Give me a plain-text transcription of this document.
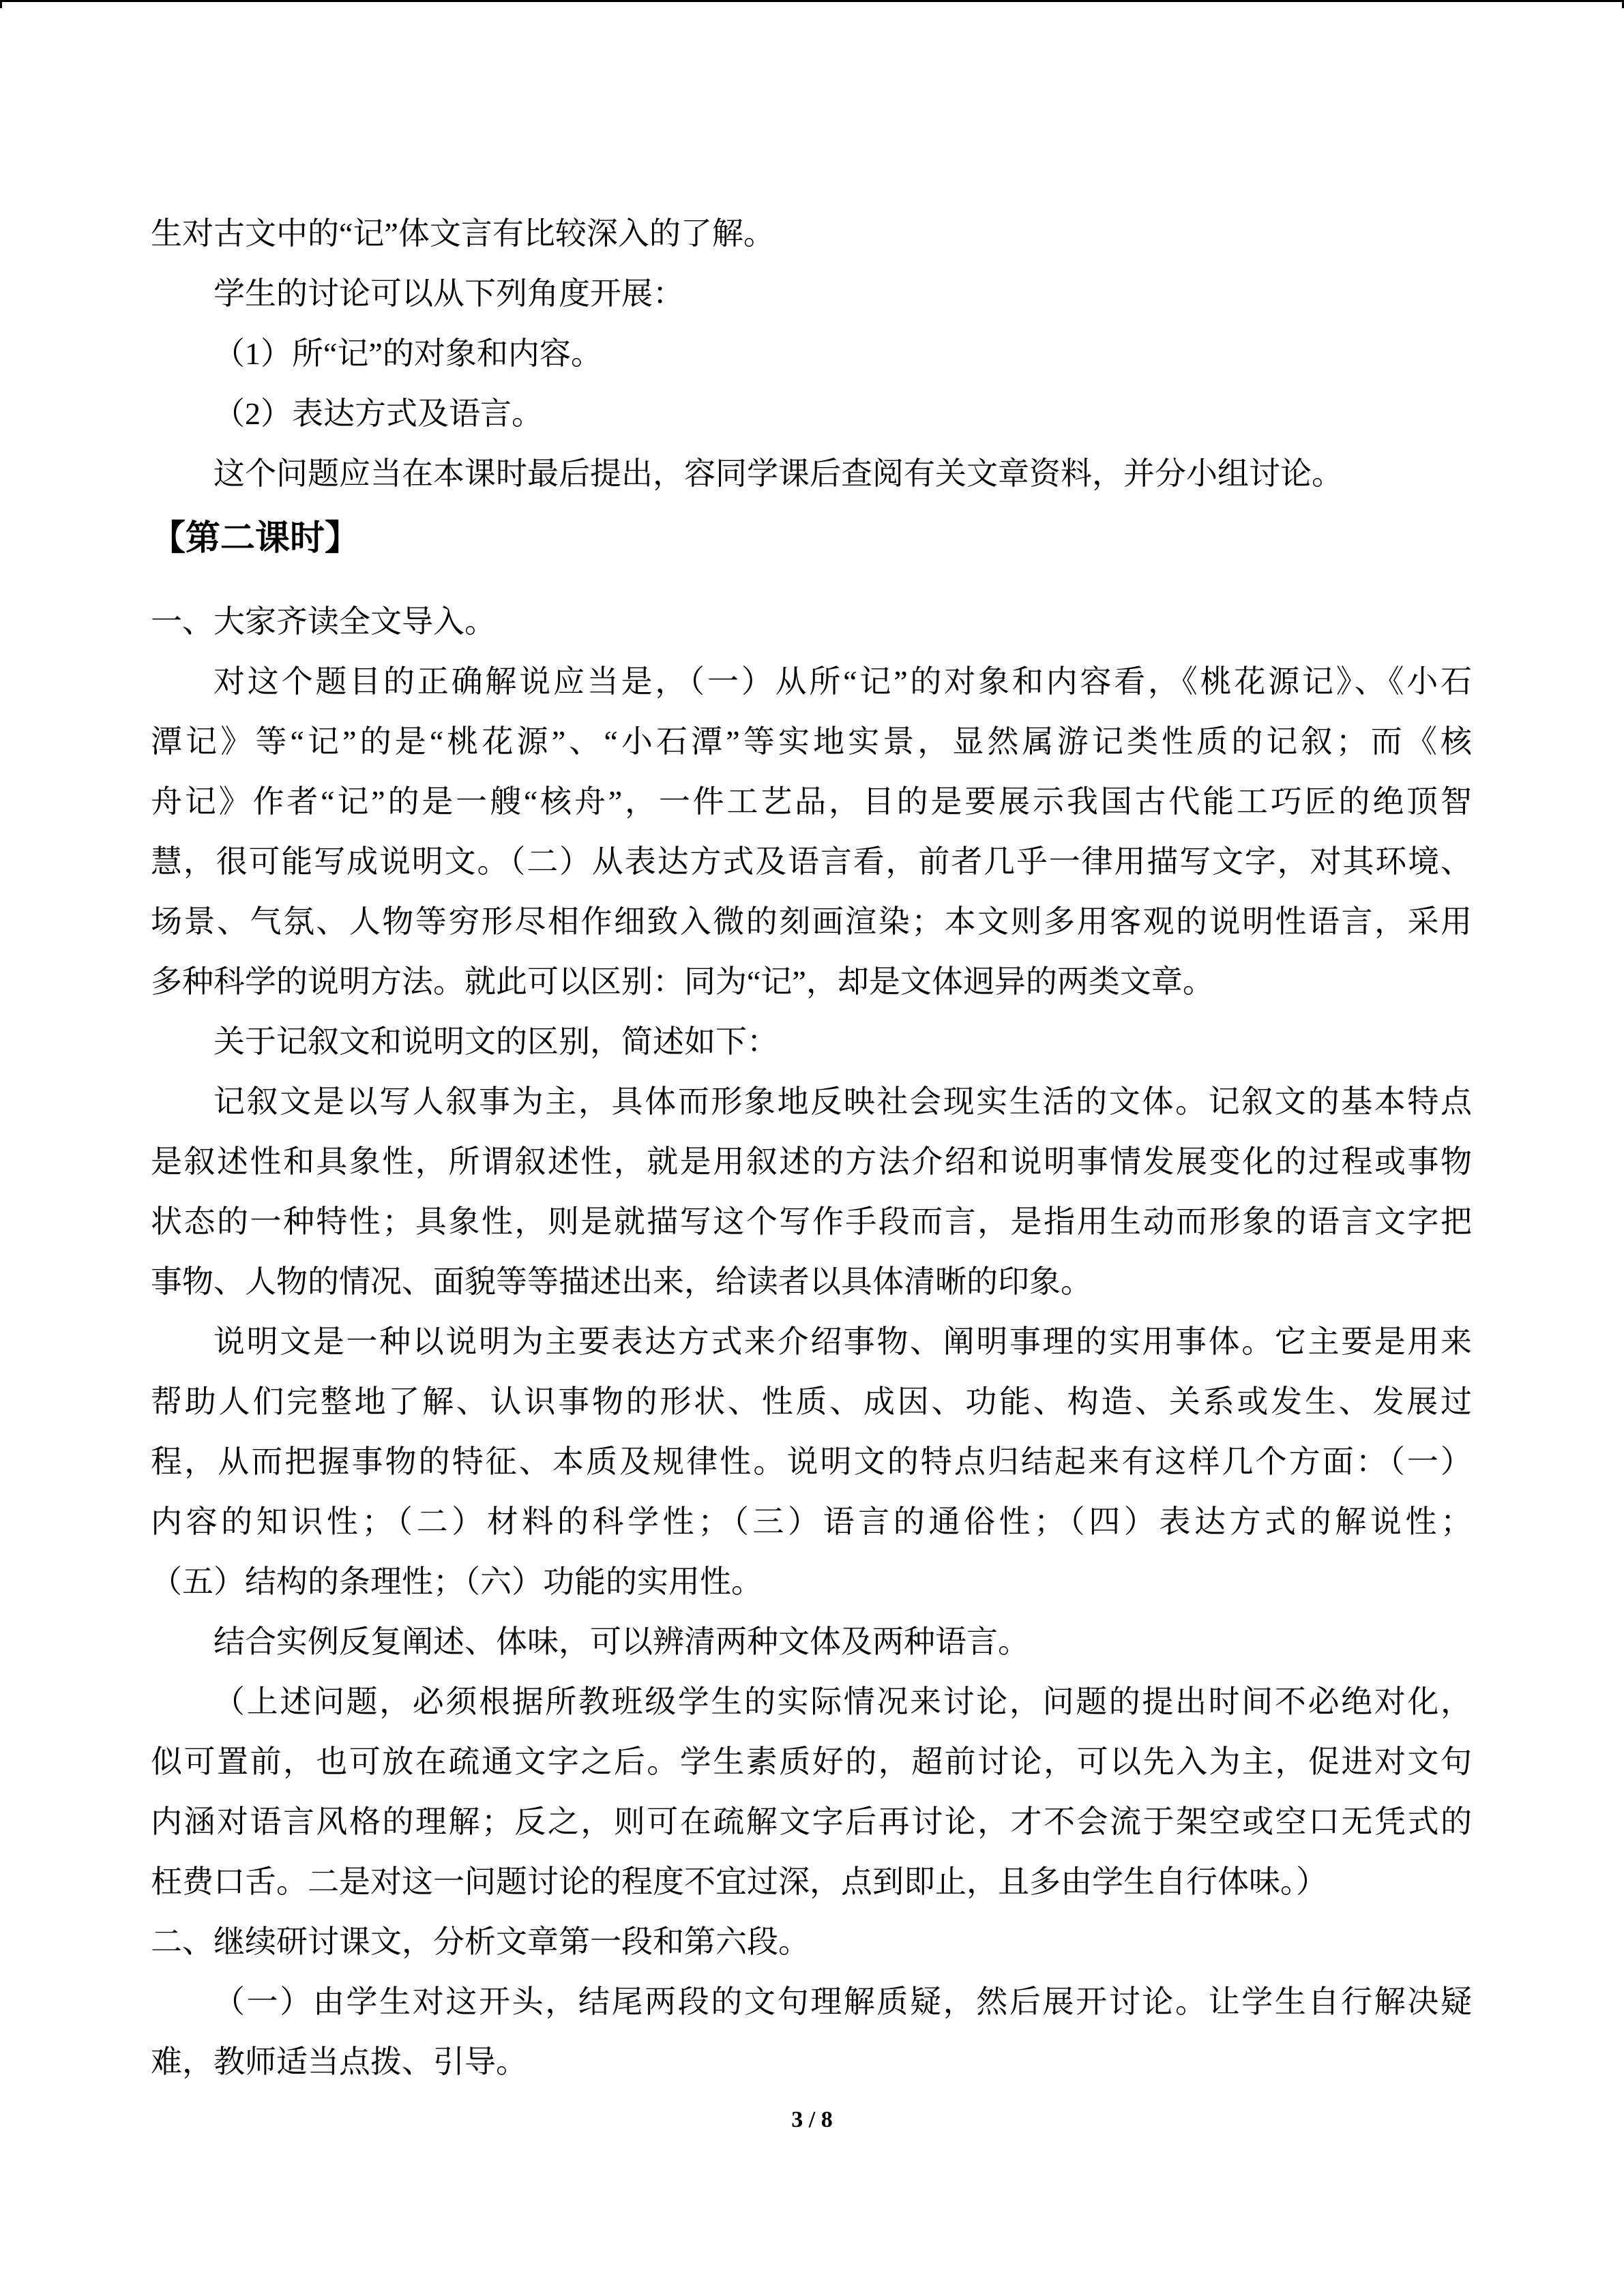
生对古文中的“记”体文言有比较深入的了解。
学生的讨论可以从下列角度开展：
（1）所“记”的对象和内容。
（2）表达方式及语言。
这个问题应当在本课时最后提出，容同学课后查阅有关文章资料，并分小组讨论。
【第二课时】
一、大家齐读全文导入。
对这个题目的正确解说应当是，（一）从所“记”的对象和内容看，《桃花源记》、《小石
潭记》等“记”的是“桃花源”、“小石潭”等实地实景，显然属游记类性质的记叙；而《核
舟记》作者“记”的是一艘“核舟”，一件工艺品，目的是要展示我国古代能工巧匠的绝顶智
慧，很可能写成说明文。（二）从表达方式及语言看，前者几乎一律用描写文字，对其环境、
场景、气氛、人物等穷形尽相作细致入微的刻画渲染；本文则多用客观的说明性语言，采用
多种科学的说明方法。就此可以区别：同为“记”，却是文体迥异的两类文章。
关于记叙文和说明文的区别，简述如下：
记叙文是以写人叙事为主，具体而形象地反映社会现实生活的文体。记叙文的基本特点
是叙述性和具象性，所谓叙述性，就是用叙述的方法介绍和说明事情发展变化的过程或事物
状态的一种特性；具象性，则是就描写这个写作手段而言，是指用生动而形象的语言文字把
事物、人物的情况、面貌等等描述出来，给读者以具体清晰的印象。
说明文是一种以说明为主要表达方式来介绍事物、阐明事理的实用事体。它主要是用来
帮助人们完整地了解、认识事物的形状、性质、成因、功能、构造、关系或发生、发展过
程，从而把握事物的特征、本质及规律性。说明文的特点归结起来有这样几个方面：（一）
内容的知识性；（二）材料的科学性；（三）语言的通俗性；（四）表达方式的解说性；
（五）结构的条理性；（六）功能的实用性。
结合实例反复阐述、体味，可以辨清两种文体及两种语言。
（上述问题，必须根据所教班级学生的实际情况来讨论，问题的提出时间不必绝对化，
似可置前，也可放在疏通文字之后。学生素质好的，超前讨论，可以先入为主，促进对文句
内涵对语言风格的理解；反之，则可在疏解文字后再讨论，才不会流于架空或空口无凭式的
枉费口舌。二是对这一问题讨论的程度不宜过深，点到即止，且多由学生自行体味。）
二、继续研讨课文，分析文章第一段和第六段。
（一）由学生对这开头，结尾两段的文句理解质疑，然后展开讨论。让学生自行解决疑
难，教师适当点拨、引导。
3 / 8
